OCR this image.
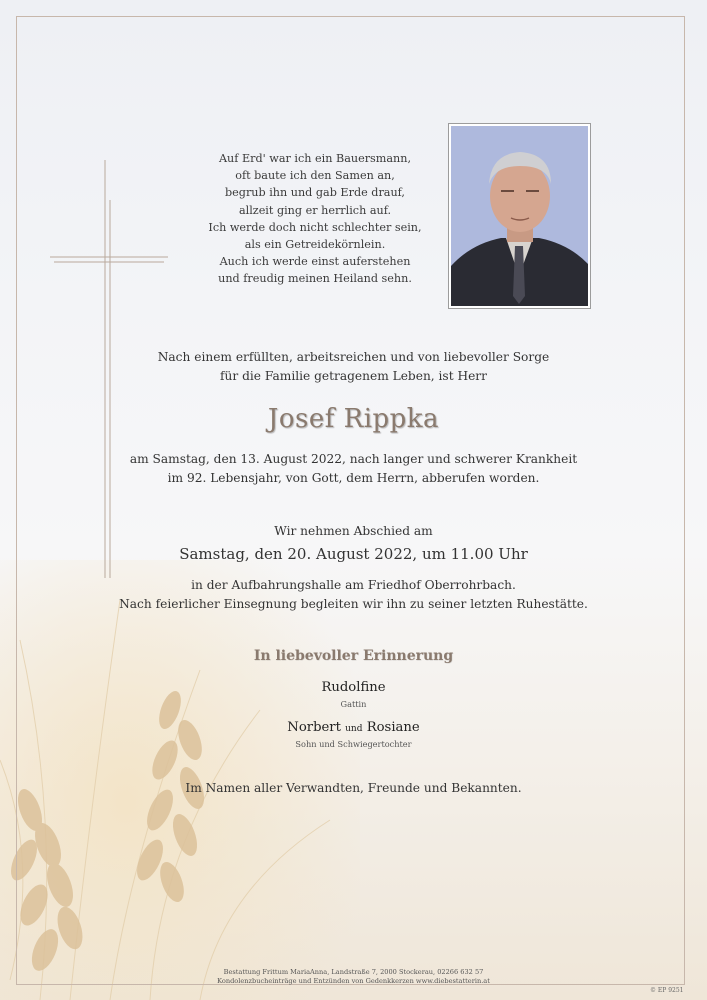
Auf Erd' war ich ein Bauersmann,
oft baute ich den Samen an,
begrub ihn und gab Erde drauf,
allzeit ging er herrlich auf.
Ich werde doch nicht schlechter sein,
als ein Getreidekörnlein.
Auch ich werde einst auferstehen
und freudig meinen Heiland sehn.
Nach einem erfüllten, arbeitsreichen und von liebevoller Sorge
für die Familie getragenem Leben, ist Herr
Josef Rippka
am Samstag, den 13. August 2022, nach langer und schwerer Krankheit
im 92. Lebensjahr, von Gott, dem Herrn, abberufen worden.
Wir nehmen Abschied am
Samstag, den 20. August 2022, um 11.00 Uhr
in der Aufbahrungshalle am Friedhof Oberrohrbach.
Nach feierlicher Einsegnung begleiten wir ihn zu seiner letzten Ruhestätte.
In liebevoller Erinnerung
Rudolfine
Gattin
Norbert und Rosiane
Sohn und Schwiegertochter
Im Namen aller Verwandten, Freunde und Bekannten.
Bestattung Frittum MariaAnna, Landstraße 7, 2000 Stockerau, 02266 632 57
Kondolenzbucheinträge und Entzünden von Gedenkkerzen www.diebestatterin.at
© EP 9251
